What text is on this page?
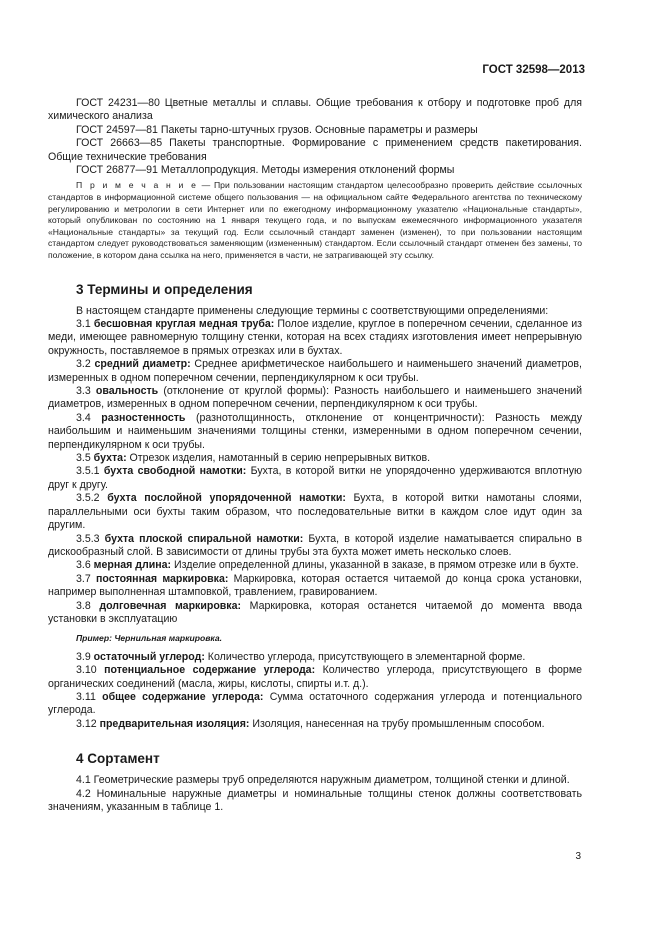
ГОСТ 32598—2013

ГОСТ 24231—80 Цветные металлы и сплавы. Общие требования к отбору и подготовке проб для химического анализа

ГОСТ 24597—81 Пакеты тарно-штучных грузов. Основные параметры и размеры

ГОСТ 26663—85 Пакеты транспортные. Формирование с применением средств пакетирования. Общие технические требования

ГОСТ 26877—91 Металлопродукция. Методы измерения отклонений формы

П р и м е ч а н и е — При пользовании настоящим стандартом целесообразно проверить действие ссылочных стандартов в информационной системе общего пользования — на официальном сайте Федерального агентства по техническому регулированию и метрологии в сети Интернет или по ежегодному информационному указателю «Национальные стандарты», который опубликован по состоянию на 1 января текущего года, и по выпускам ежемесячного информационного указателя «Национальные стандарты» за текущий год. Если ссылочный стандарт заменен (изменен), то при пользовании настоящим стандартом следует руководствоваться заменяющим (измененным) стандартом. Если ссылочный стандарт отменен без замены, то положение, в котором дана ссылка на него, применяется в части, не затрагивающей эту ссылку.

3 Термины и определения

В настоящем стандарте применены следующие термины с соответствующими определениями:

3.1 бесшовная круглая медная труба: Полое изделие, круглое в поперечном сечении, сделанное из меди, имеющее равномерную толщину стенки, которая на всех стадиях изготовления имеет непрерывную окружность, поставляемое в прямых отрезках или в бухтах.

3.2 средний диаметр: Среднее арифметическое наибольшего и наименьшего значений диаметров, измеренных в одном поперечном сечении, перпендикулярном к оси трубы.

3.3 овальность (отклонение от круглой формы): Разность наибольшего и наименьшего значений диаметров, измеренных в одном поперечном сечении, перпендикулярном к оси трубы.

3.4 разностенность (разнотолщинность, отклонение от концентричности): Разность между наибольшим и наименьшим значениями толщины стенки, измеренными в одном поперечном сечении, перпендикулярном к оси трубы.

3.5 бухта: Отрезок изделия, намотанный в серию непрерывных витков.

3.5.1 бухта свободной намотки: Бухта, в которой витки не упорядоченно удерживаются вплотную друг к другу.

3.5.2 бухта послойной упорядоченной намотки: Бухта, в которой витки намотаны слоями, параллельными оси бухты таким образом, что последовательные витки в каждом слое идут один за другим.

3.5.3 бухта плоской спиральной намотки: Бухта, в которой изделие наматывается спирально в дискообразный слой. В зависимости от длины трубы эта бухта может иметь несколько слоев.

3.6 мерная длина: Изделие определенной длины, указанной в заказе, в прямом отрезке или в бухте.

3.7 постоянная маркировка: Маркировка, которая остается читаемой до конца срока установки, например выполненная штамповкой, травлением, гравированием.

3.8 долговечная маркировка: Маркировка, которая останется читаемой до момента ввода установки в эксплуатацию

Пример: Чернильная маркировка.

3.9 остаточный углерод: Количество углерода, присутствующего в элементарной форме.

3.10 потенциальное содержание углерода: Количество углерода, присутствующего в форме органических соединений (масла, жиры, кислоты, спирты и.т. д.).

3.11 общее содержание углерода: Сумма остаточного содержания углерода и потенциального углерода.

3.12 предварительная изоляция: Изоляция, нанесенная на трубу промышленным способом.

4 Сортамент

4.1 Геометрические размеры труб определяются наружным диаметром, толщиной стенки и длиной.

4.2 Номинальные наружные диаметры и номинальные толщины стенок должны соответствовать значениям, указанным в таблице 1.

3
